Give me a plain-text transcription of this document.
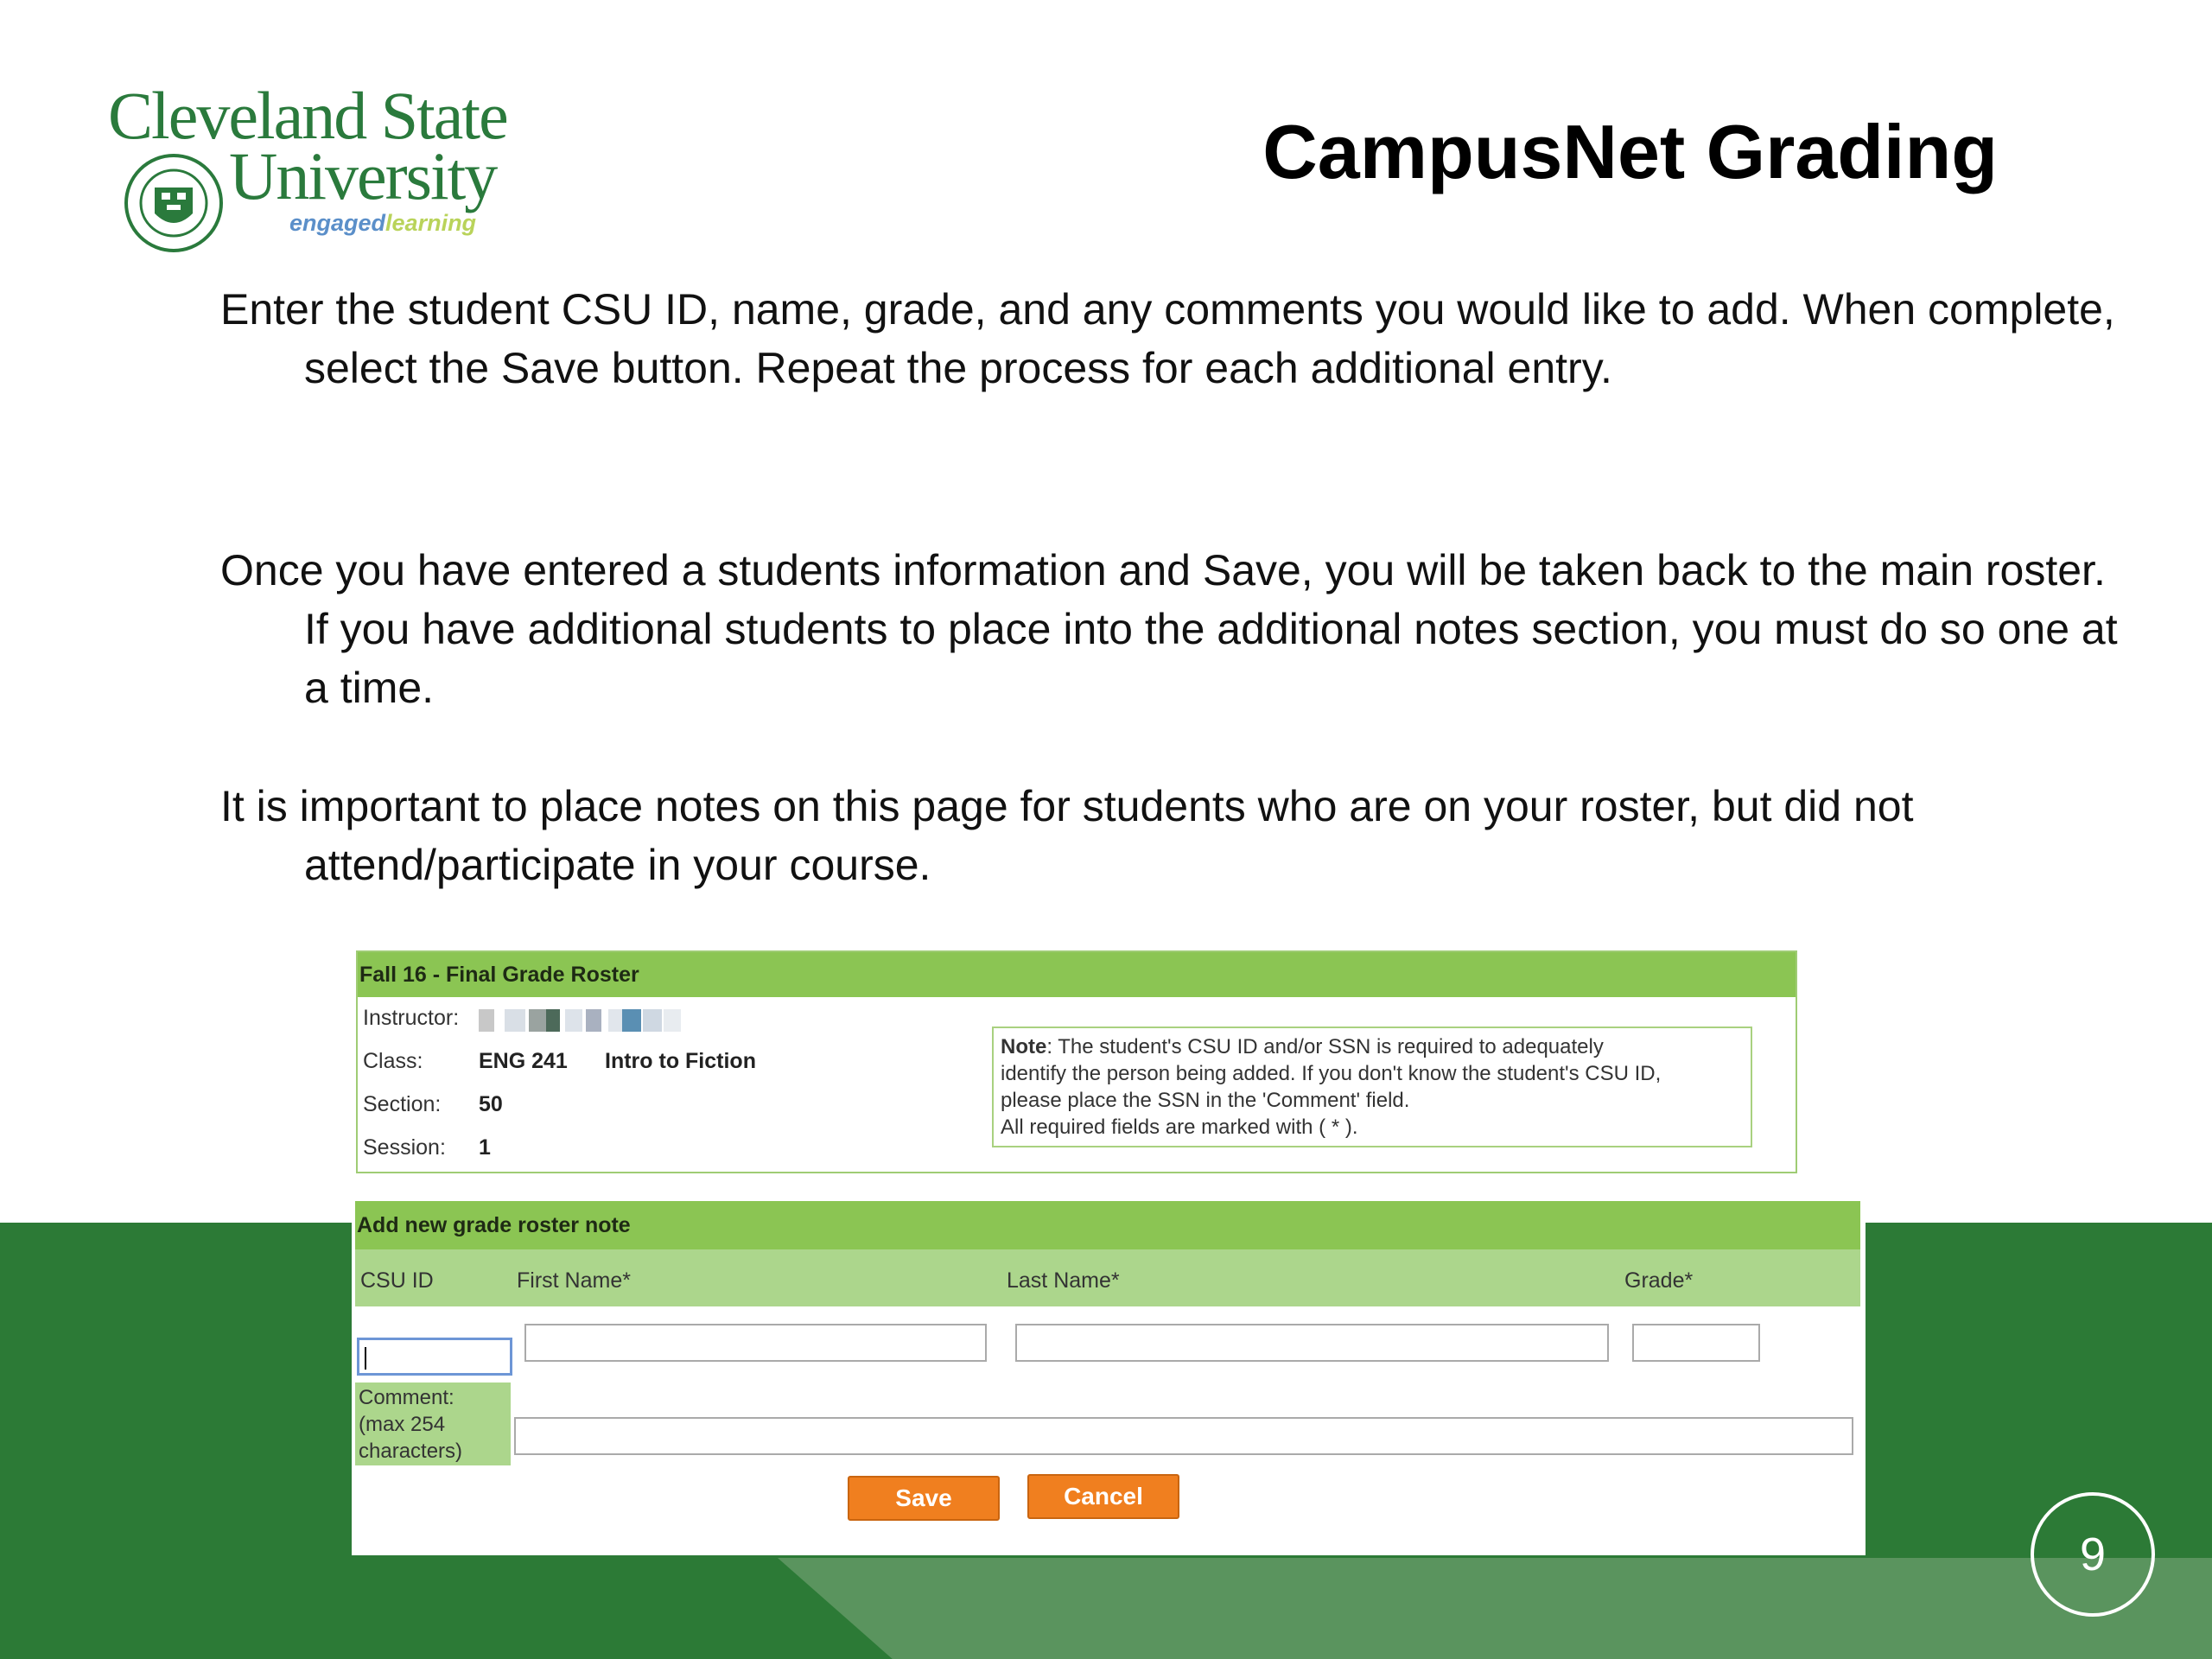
Cleveland State
University
engagedlearning
CampusNet Grading
Enter the student CSU ID, name, grade, and any comments you would like to add. When complete, select the Save button. Repeat the process for each additional entry.
Once you have entered a students information and Save, you will be taken back to the main roster. If you have additional students to place into the additional notes section, you must do so one at a time.
It is important to place notes on this page for students who are on your roster, but did not attend/participate in your course.
Fall 16 - Final Grade Roster
Instructor:
Class:	ENG 241 Intro to Fiction
Section: 50
Session: 1
Note: The student's CSU ID and/or SSN is required to adequately
identify the person being added. If you don't know the student's CSU ID,
please place the SSN in the 'Comment' field.
All required fields are marked with ( * ).
Add new grade roster note
CSU ID	First Name*	Last Name*	Grade*
Comment:
(max 254
characters)
Save	Cancel
9
